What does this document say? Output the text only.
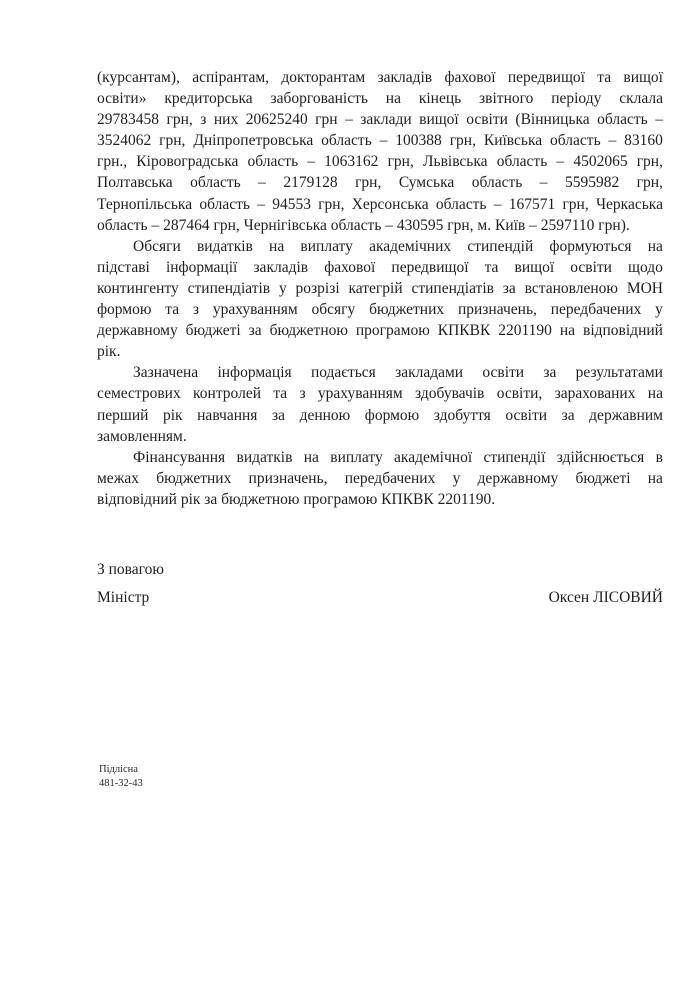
(курсантам), аспірантам, докторантам закладів фахової передвищої та вищої
освіти» кредиторська заборгованість на кінець звітного періоду склала
29783458 грн, з них 20625240 грн – заклади вищої освіти (Вінницька область –
3524062 грн, Дніпропетровська область – 100388 грн, Київська область – 83160
грн., Кіровоградська область – 1063162 грн, Львівська область – 4502065 грн,
Полтавська область – 2179128 грн, Сумська область – 5595982 грн,
Тернопільська область – 94553 грн, Херсонська область – 167571 грн, Черкаська
область – 287464 грн, Чернігівська область – 430595 грн, м. Київ – 2597110 грн).
Обсяги видатків на виплату академічних стипендій формуються на
підставі інформації закладів фахової передвищої та вищої освіти щодо
контингенту стипендіатів у розрізі категрій стипендіатів за встановленою МОН
формою та з урахуванням обсягу бюджетних призначень, передбачених у
державному бюджеті за бюджетною програмою КПКВК 2201190 на відповідний
рік.
Зазначена інформація подається закладами освіти за результатами
семестрових контролей та з урахуванням здобувачів освіти, зарахованих на
перший рік навчання за денною формою здобуття освіти за державним
замовленням.
Фінансування видатків на виплату академічної стипендії здійснюється в
межах бюджетних призначень, передбачених у державному бюджеті на
відповідний рік за бюджетною програмою КПКВК 2201190.
З повагою
Міністр	Оксен ЛІСОВИЙ
Підлісна
481-32-43
